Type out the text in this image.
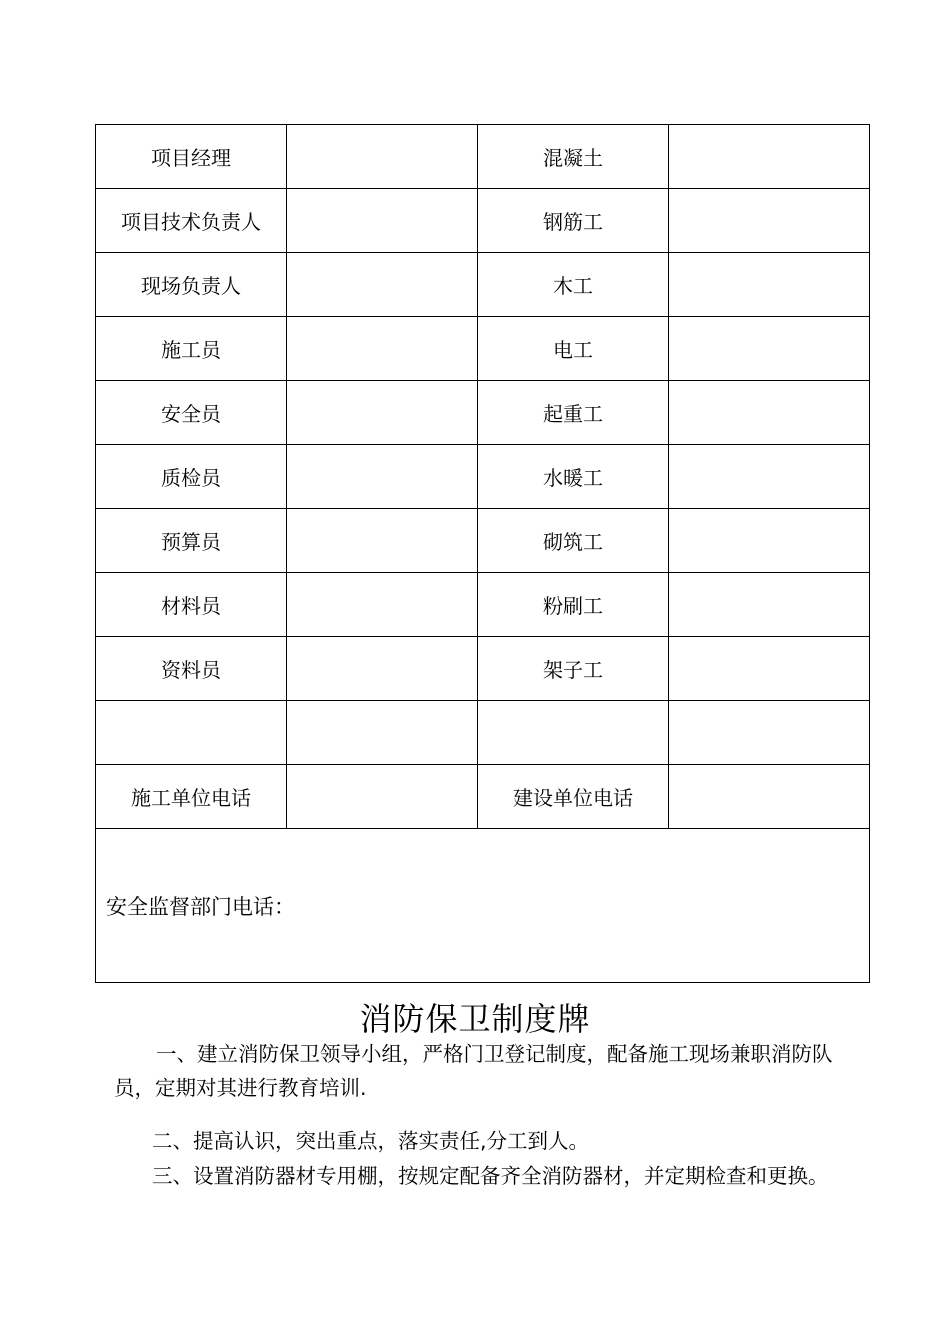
项目经理		混凝土	
项目技术负责人		钢筋工	
现场负责人		木工	
施工员		电工	
安全员		起重工	
质检员		水暖工	
预算员		砌筑工	
材料员		粉刷工	
资料员		架子工	

施工单位电话		建设单位电话	
安全监督部门电话：			
消防保卫制度牌
一、建立消防保卫领导小组，严格门卫登记制度，配备施工现场兼职消防队员，定期对其进行教育培训.
二、提高认识，突出重点，落实责任,分工到人。
三、设置消防器材专用棚，按规定配备齐全消防器材，并定期检查和更换。
